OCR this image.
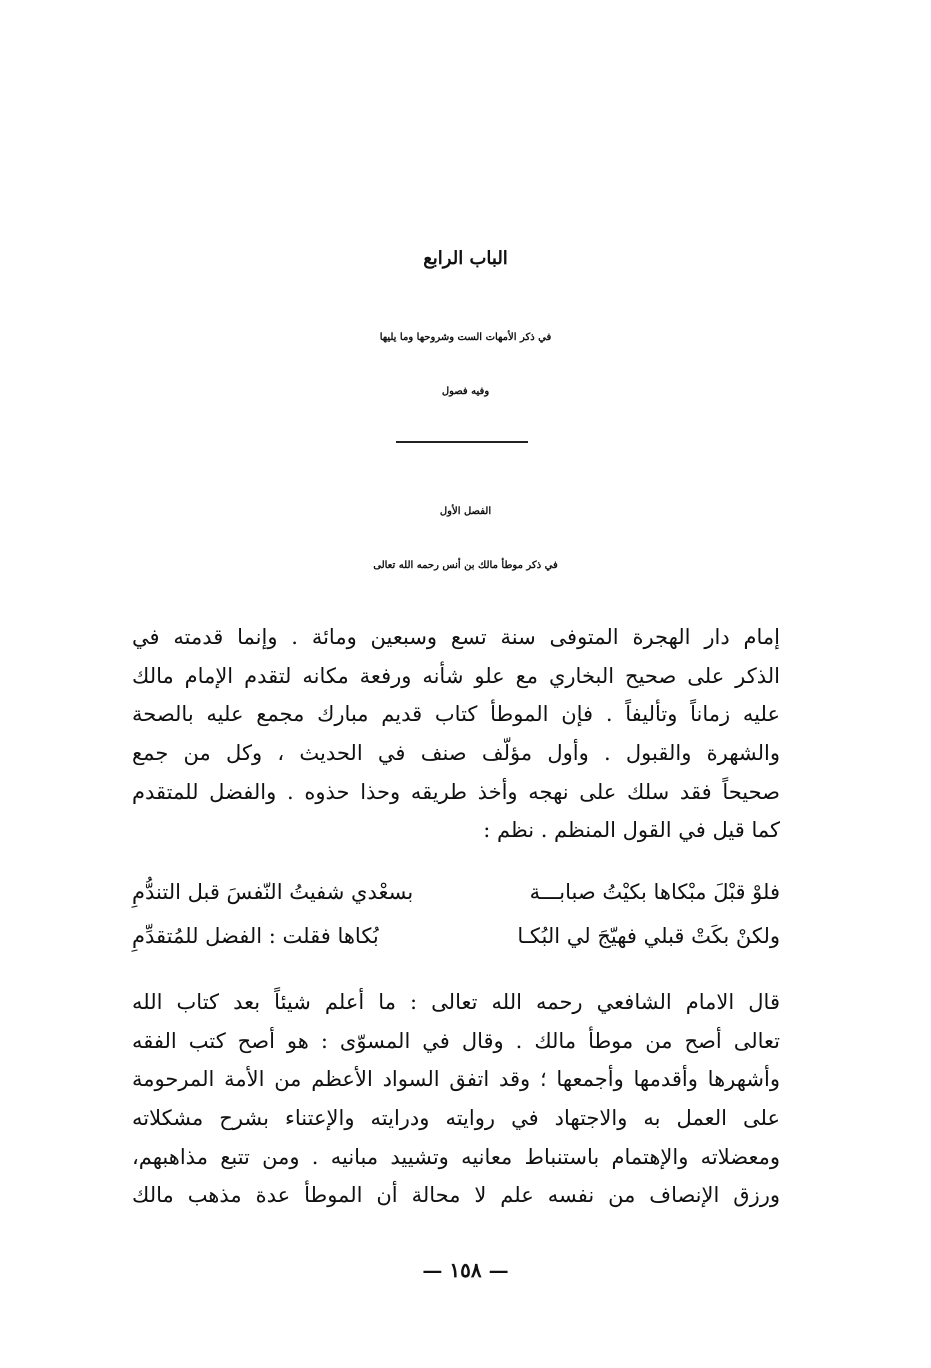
الباب الرابع
في ذكر الأمهات الست وشروحها وما يليها
وفيه فصول
الفصل الأول
في ذكر موطأ مالك بن أنس رحمه الله تعالى
إمام دار الهجرة المتوفى سنة تسع وسبعين ومائة . وإنما قدمته في
الذكر على صحيح البخاري مع علو شأنه ورفعة مكانه لتقدم الإمام مالك
عليه زماناً وتأليفاً . فإن الموطأ كتاب قديم مبارك مجمع عليه بالصحة
والشهرة والقبول . وأول مؤلّف صنف في الحديث ، وكل من جمع
صحيحاً فقد سلك على نهجه وأخذ طريقه وحذا حذوه . والفضل للمتقدم
كما قيل في القول المنظم . نظم :
فلوْ قبْلَ مبْكاها بكيْتُ صبابـــة
بسعْدي شفيتُ النّفسَ قبل التندُّمِ
ولكنْ بكَتْ قبلي فهيّجَ لي البُكـا
بُكاها فقلت : الفضل للمُتقدِّمِ
قال الامام الشافعي رحمه الله تعالى : ما أعلم شيئاً بعد كتاب الله
تعالى أصح من موطأ مالك . وقال في المسوّى : هو أصح كتب الفقه
وأشهرها وأقدمها وأجمعها ؛ وقد اتفق السواد الأعظم من الأمة المرحومة
على العمل به والاجتهاد في روايته ودرايته والإعتناء بشرح مشكلاته
ومعضلاته والإهتمام باستنباط معانيه وتشييد مبانيه . ومن تتبع مذاهبهم،
ورزق الإنصاف من نفسه علم لا محالة أن الموطأ عدة مذهب مالك
— ١٥٨ —
